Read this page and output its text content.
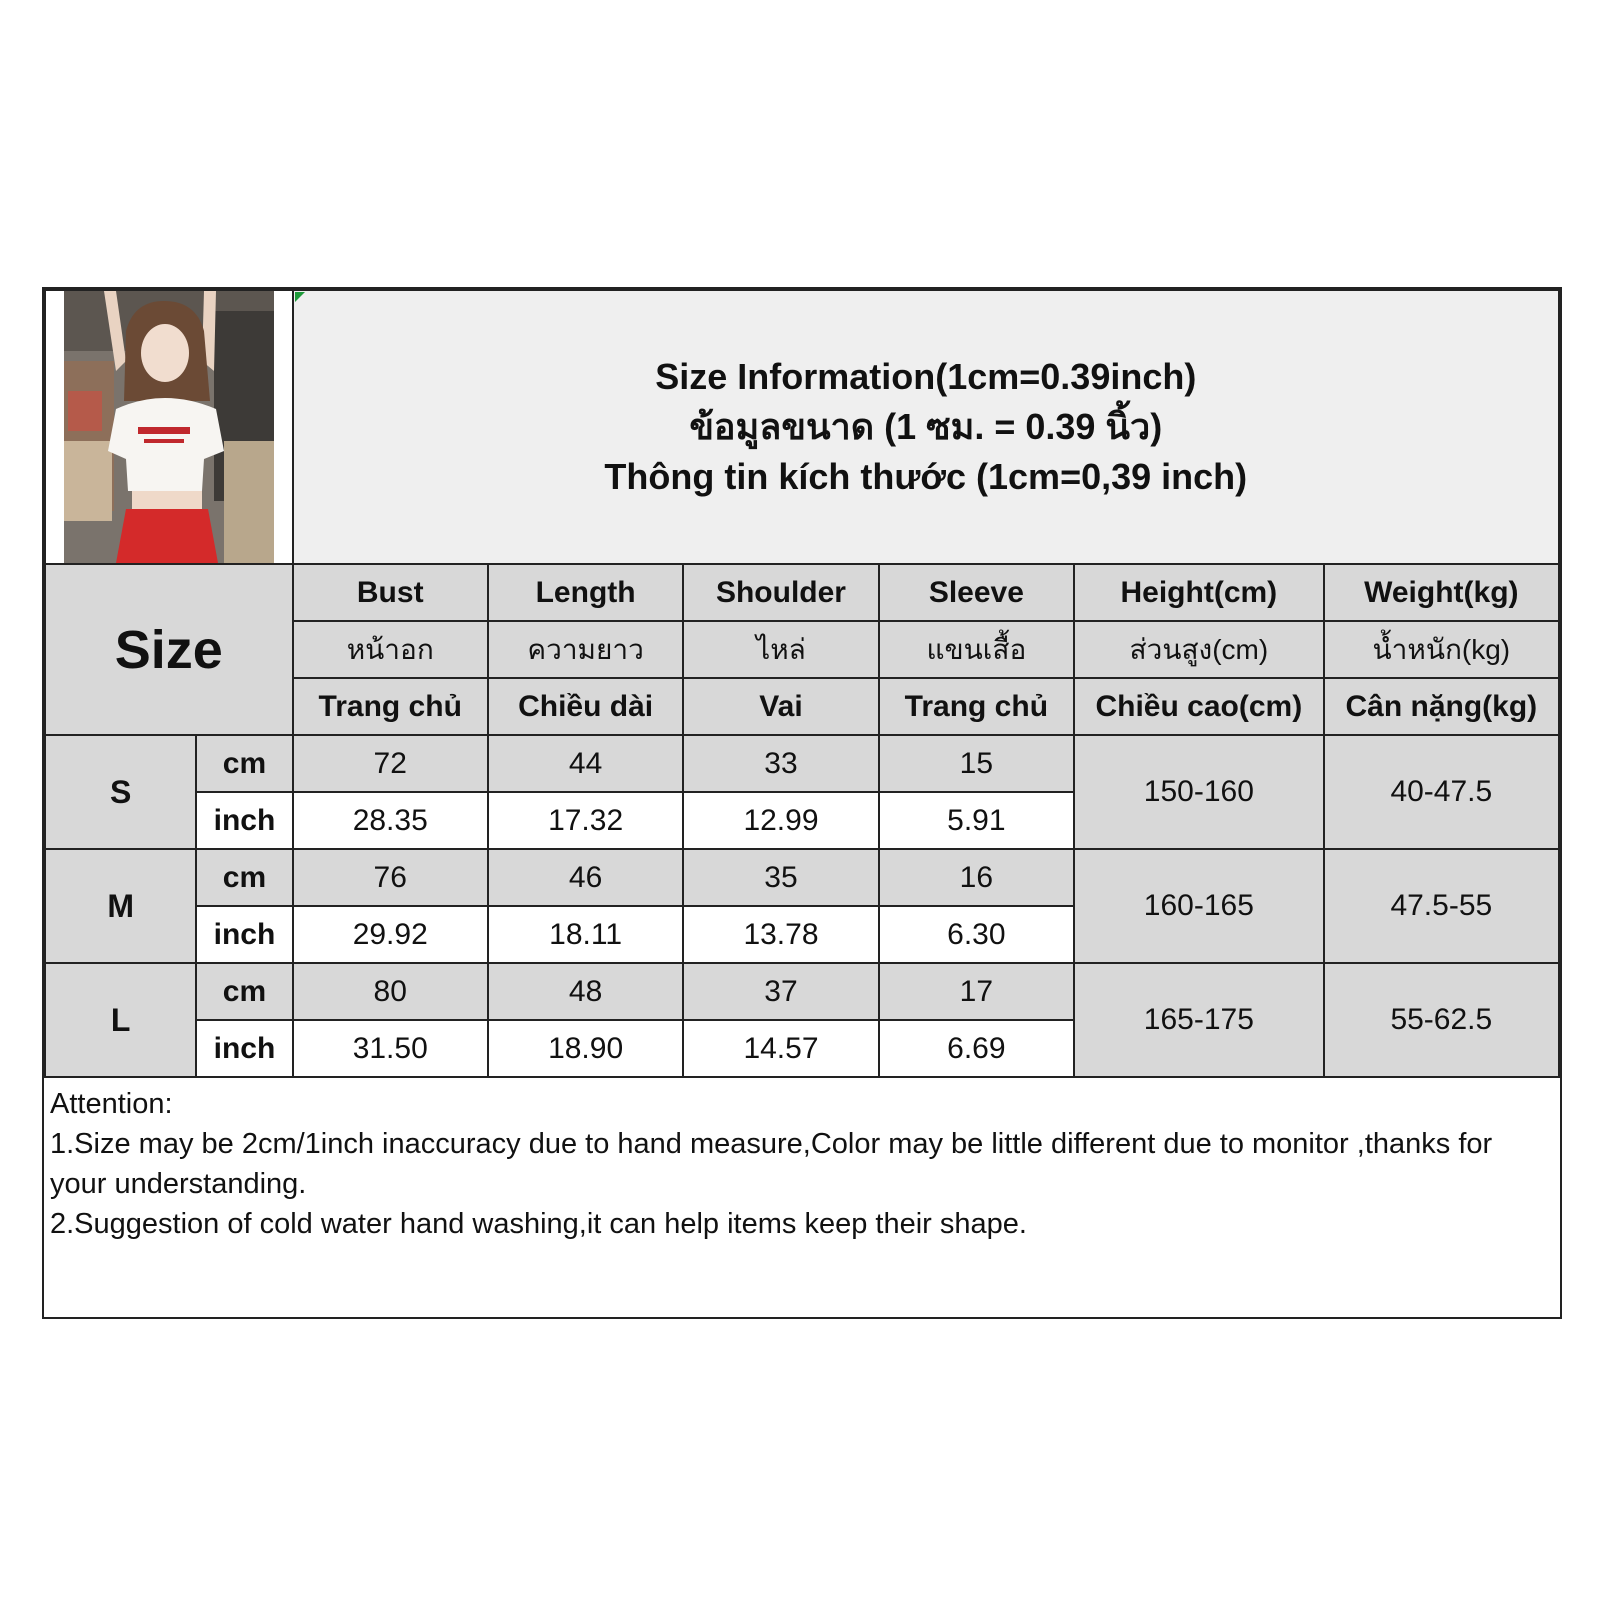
Size Information(1cm=0.39inch)
ข้อมูลขนาด (1 ซม. = 0.39 นิ้ว)
Thông tin kích thước (1cm=0,39 inch)					

Size		Bust	Length	Shoulder	Sleeve	Height(cm)	Weight(kg)
		หน้าอก	ความยาว	ไหล่	แขนเสื้อ	ส่วนสูง(cm)	น้ำหนัก(kg)
		Trang chủ	Chiều dài	Vai	Trang chủ	Chiều cao(cm)	Cân nặng(kg)
S	cm	72	44	33	15	150-160	40-47.5
	inch	28.35	17.32	12.99	5.91		
M	cm	76	46	35	16	160-165	47.5-55
	inch	29.92	18.11	13.78	6.30		
L	cm	80	48	37	17	165-175	55-62.5
	inch	31.50	18.90	14.57	6.69		

Attention:

1.Size may be 2cm/1inch inaccuracy due to hand measure,Color may be little different due to monitor ,thanks for your understanding.

2.Suggestion of cold water hand washing,it can help items keep their shape.
